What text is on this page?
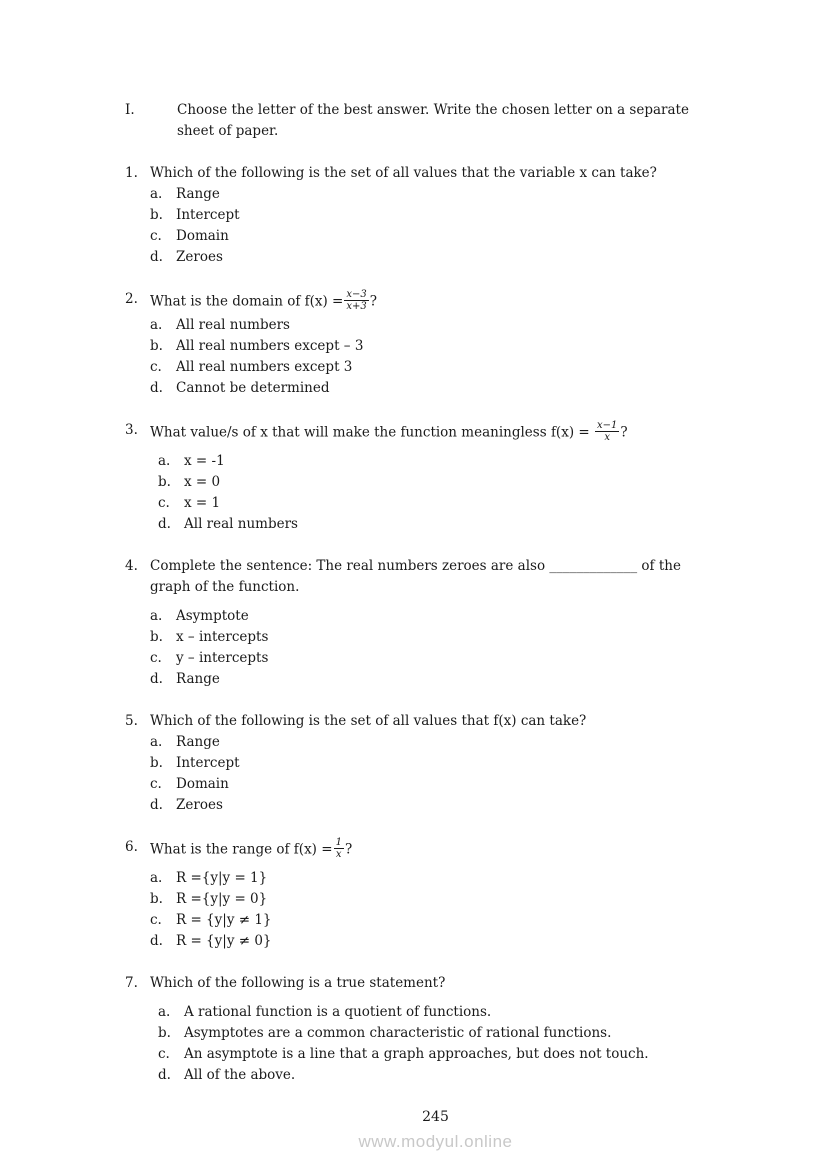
I.	Choose the letter of the best answer. Write the chosen letter on a separate
sheet of paper.
1. Which of the following is the set of all values that the variable x can take?
a.	Range
b. Intercept
c.	Domain
d. Zeroes
2. What is the domain of $f(x) = \frac{x-3}{x+3}$ ?
a.	All real numbers
b. All real numbers except – 3
c.	All real numbers except 3
d. Cannot be determined
3. What value/s of x that will make the function meaningless $f(x) = \frac{x-1}{x}$ ?
a.	x = -1
b. x = 0
c.	x = 1
d. All real numbers
4. Complete the sentence: The real numbers zeroes are also _____________ of the
graph of the function.
a.	Asymptote
b. x – intercepts
c.	y – intercepts
d. Range
5. Which of the following is the set of all values that f(x) can take?
a.	Range
b. Intercept
c.	Domain
d. Zeroes
6. What is the range of $f(x) = \frac{1}{x}$ ?
a.	R ={y|y = 1}
b. R ={y|y = 0}
c.	R = {y|y ≠ 1}
d. R = {y|y ≠ 0}
7. Which of the following is a true statement?
a.	A rational function is a quotient of functions.
b. Asymptotes are a common characteristic of rational functions.
c.	An asymptote is a line that a graph approaches, but does not touch.
d. All of the above.
245
www.modyul.online
